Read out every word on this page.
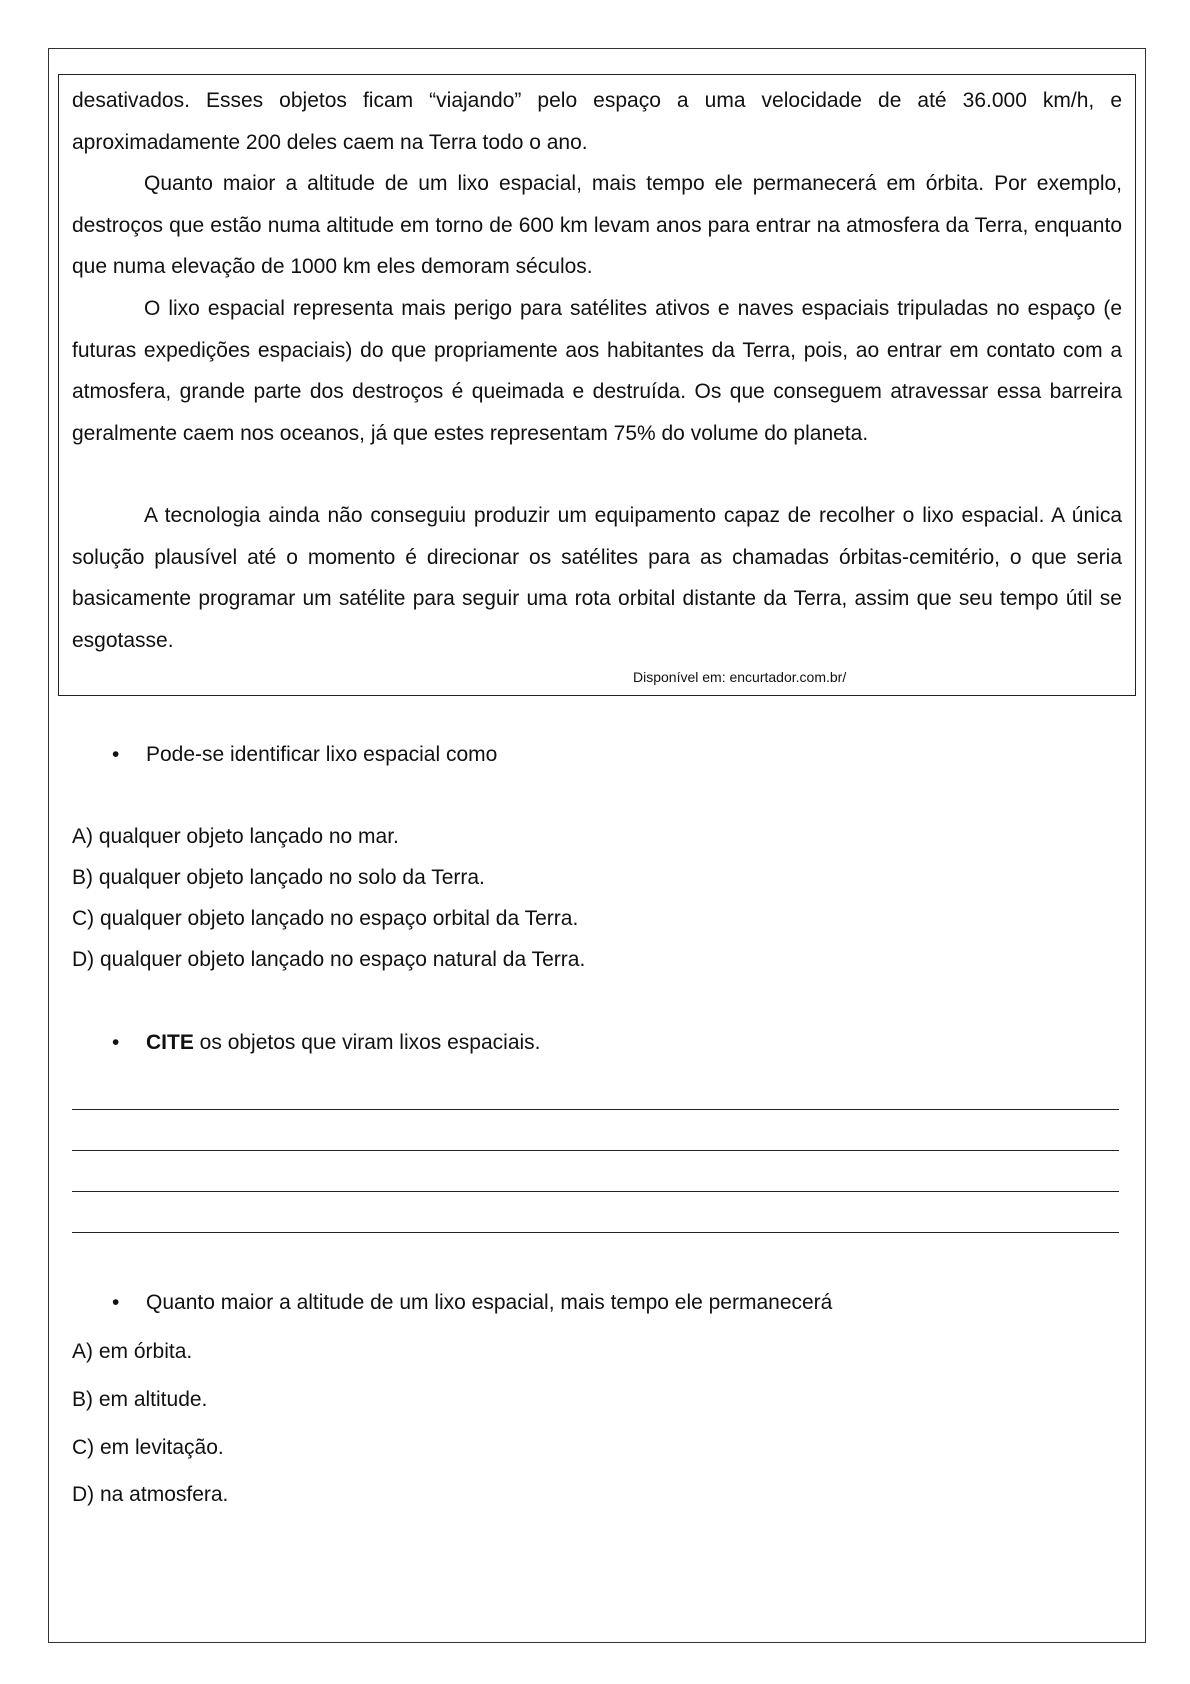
desativados. Esses objetos ficam “viajando” pelo espaço a uma velocidade de até 36.000 km/h, e aproximadamente 200 deles caem na Terra todo o ano.

Quanto maior a altitude de um lixo espacial, mais tempo ele permanecerá em órbita. Por exemplo, destroços que estão numa altitude em torno de 600 km levam anos para entrar na atmosfera da Terra, enquanto que numa elevação de 1000 km eles demoram séculos.

O lixo espacial representa mais perigo para satélites ativos e naves espaciais tripuladas no espaço (e futuras expedições espaciais) do que propriamente aos habitantes da Terra, pois, ao entrar em contato com a atmosfera, grande parte dos destroços é queimada e destruída. Os que conseguem atravessar essa barreira geralmente caem nos oceanos, já que estes representam 75% do volume do planeta.

A tecnologia ainda não conseguiu produzir um equipamento capaz de recolher o lixo espacial. A única solução plausível até o momento é direcionar os satélites para as chamadas órbitas-cemitério, o que seria basicamente programar um satélite para seguir uma rota orbital distante da Terra, assim que seu tempo útil se esgotasse.

Disponível em: encurtador.com.br/

• Pode-se identificar lixo espacial como

A) qualquer objeto lançado no mar.

B) qualquer objeto lançado no solo da Terra.

C) qualquer objeto lançado no espaço orbital da Terra.

D) qualquer objeto lançado no espaço natural da Terra.

• CITE os objetos que viram lixos espaciais.

• Quanto maior a altitude de um lixo espacial, mais tempo ele permanecerá

A) em órbita.

B) em altitude.

C) em levitação.

D) na atmosfera.
